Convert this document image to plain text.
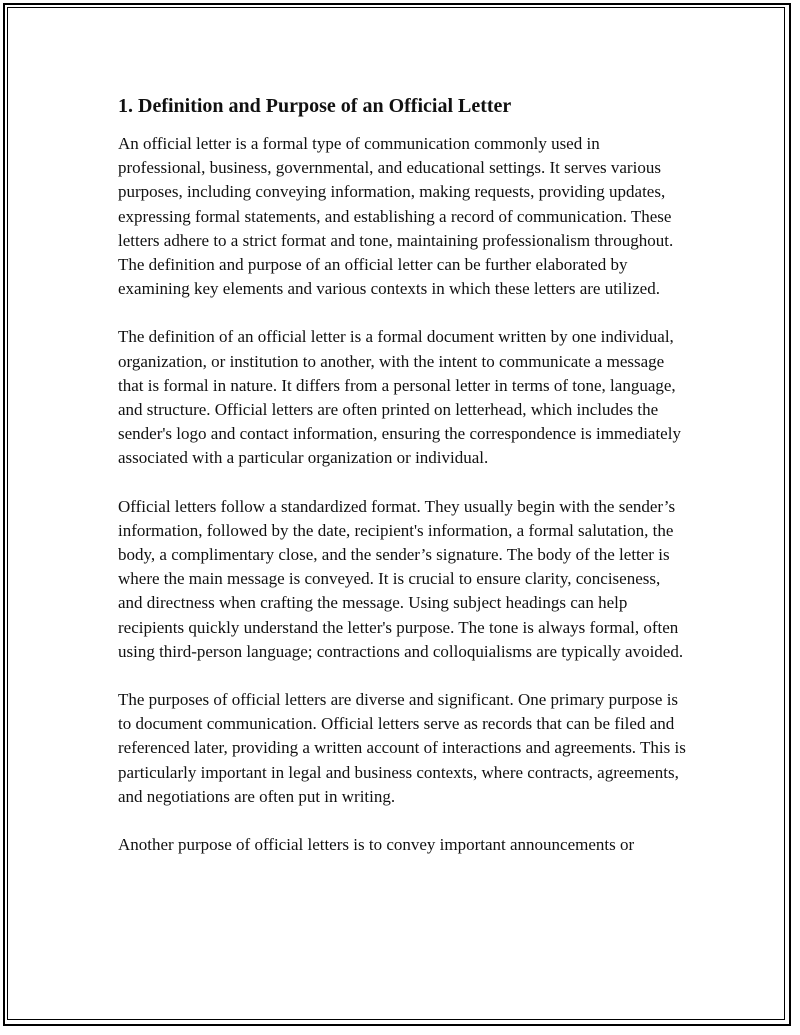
1. Definition and Purpose of an Official Letter

An official letter is a formal type of communication commonly used in professional, business, governmental, and educational settings. It serves various purposes, including conveying information, making requests, providing updates, expressing formal statements, and establishing a record of communication. These letters adhere to a strict format and tone, maintaining professionalism throughout. The definition and purpose of an official letter can be further elaborated by examining key elements and various contexts in which these letters are utilized.

The definition of an official letter is a formal document written by one individual, organization, or institution to another, with the intent to communicate a message that is formal in nature. It differs from a personal letter in terms of tone, language, and structure. Official letters are often printed on letterhead, which includes the sender's logo and contact information, ensuring the correspondence is immediately associated with a particular organization or individual.

Official letters follow a standardized format. They usually begin with the sender’s information, followed by the date, recipient's information, a formal salutation, the body, a complimentary close, and the sender’s signature. The body of the letter is where the main message is conveyed. It is crucial to ensure clarity, conciseness, and directness when crafting the message. Using subject headings can help recipients quickly understand the letter's purpose. The tone is always formal, often using third-person language; contractions and colloquialisms are typically avoided.

The purposes of official letters are diverse and significant. One primary purpose is to document communication. Official letters serve as records that can be filed and referenced later, providing a written account of interactions and agreements. This is particularly important in legal and business contexts, where contracts, agreements, and negotiations are often put in writing.

Another purpose of official letters is to convey important announcements or
